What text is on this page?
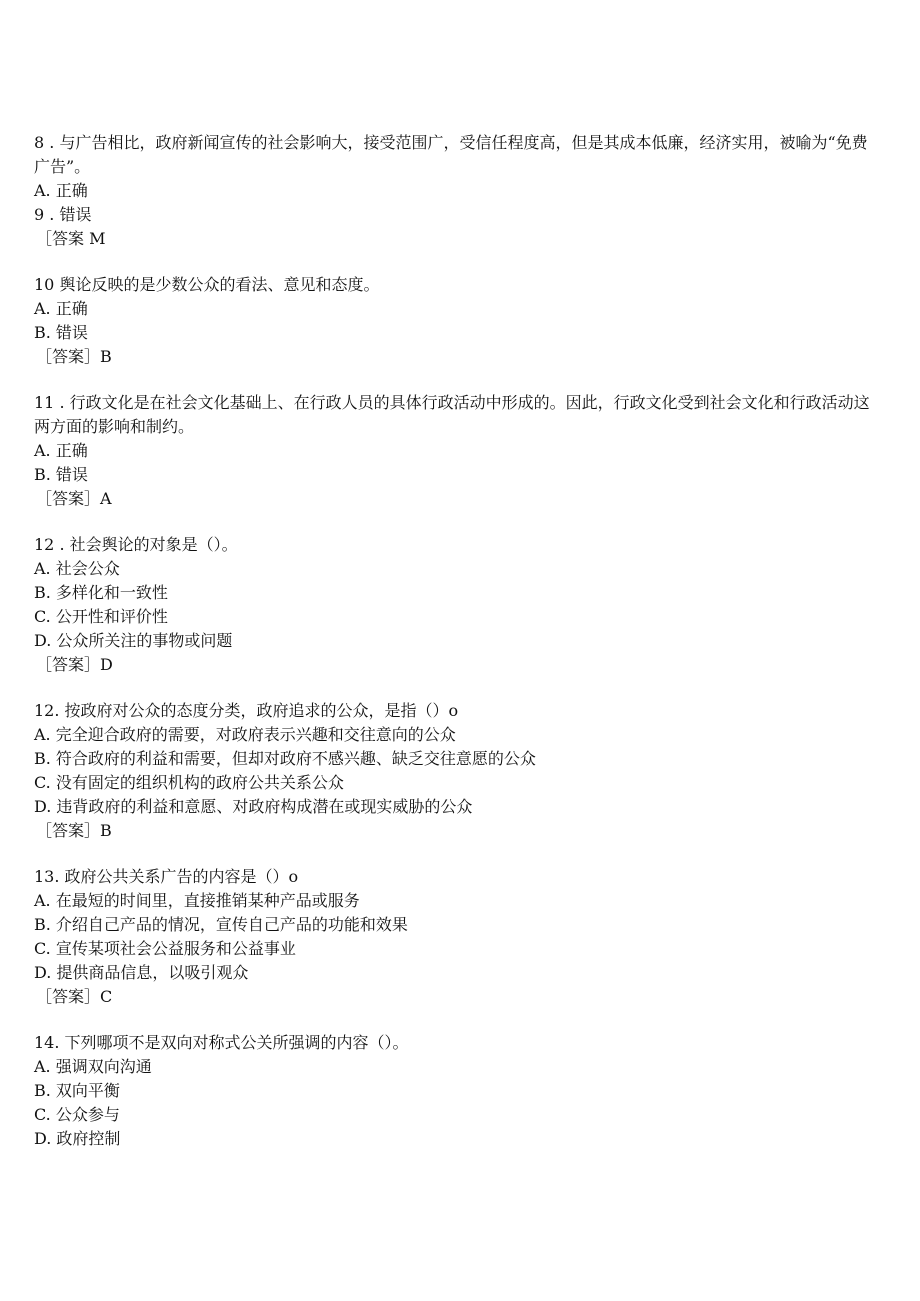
8 . 与广告相比，政府新闻宣传的社会影响大，接受范围广，受信任程度高，但是其成本低廉，经济实用，被喻为“免费广告”。
A. 正确
9 . 错误
［答案 M
10 舆论反映的是少数公众的看法、意见和态度。
A. 正确
B. 错误
［答案］B
11 . 行政文化是在社会文化基础上、在行政人员的具体行政活动中形成的。因此，行政文化受到社会文化和行政活动这两方面的影响和制约。
A. 正确
B. 错误
［答案］A
12 . 社会舆论的对象是（）。
A. 社会公众
B. 多样化和一致性
C. 公开性和评价性
D. 公众所关注的事物或问题
［答案］D
12. 按政府对公众的态度分类，政府追求的公众，是指（）o
A. 完全迎合政府的需要，对政府表示兴趣和交往意向的公众
B. 符合政府的利益和需要，但却对政府不感兴趣、缺乏交往意愿的公众
C. 没有固定的组织机构的政府公共关系公众
D. 违背政府的利益和意愿、对政府构成潜在或现实威胁的公众
［答案］B
13. 政府公共关系广告的内容是（）o
A. 在最短的时间里，直接推销某种产品或服务
B. 介绍自己产品的情况，宣传自己产品的功能和效果
C. 宣传某项社会公益服务和公益事业
D. 提供商品信息，以吸引观众
［答案］C
14. 下列哪项不是双向对称式公关所强调的内容（）。
A. 强调双向沟通
B. 双向平衡
C. 公众参与
D. 政府控制
